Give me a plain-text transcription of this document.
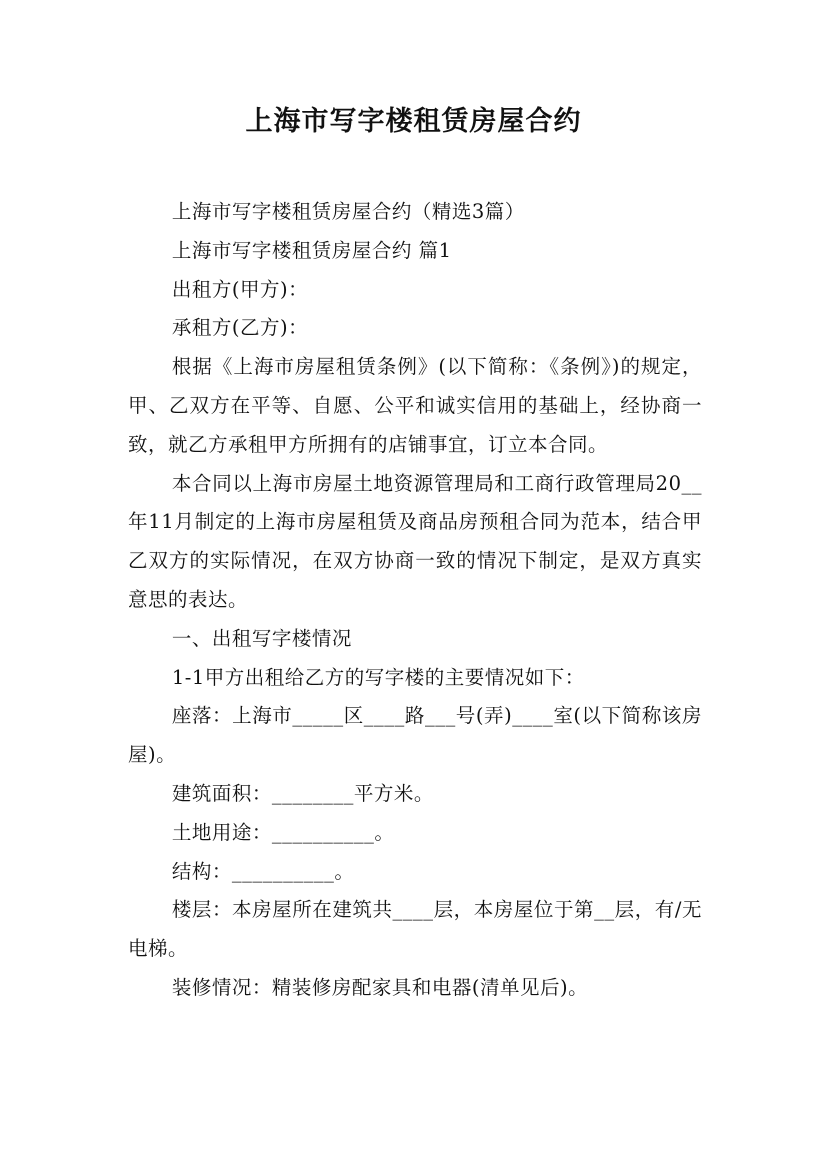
上海市写字楼租赁房屋合约

上海市写字楼租赁房屋合约（精选3篇）

上海市写字楼租赁房屋合约 篇1

出租方(甲方)：

承租方(乙方)：

根据《上海市房屋租赁条例》(以下简称：《条例》)的规定，甲、乙双方在平等、自愿、公平和诚实信用的基础上，经协商一致，就乙方承租甲方所拥有的店铺事宜，订立本合同。

本合同以上海市房屋土地资源管理局和工商行政管理局20__年11月制定的上海市房屋租赁及商品房预租合同为范本，结合甲乙双方的实际情况，在双方协商一致的情况下制定，是双方真实意思的表达。

一、出租写字楼情况

1-1甲方出租给乙方的写字楼的主要情况如下：

座落：上海市_____区____路___号(弄)____室(以下简称该房屋)。

建筑面积：________平方米。

土地用途：__________。

结构：__________。

楼层：本房屋所在建筑共____层，本房屋位于第__层，有/无电梯。

装修情况：精装修房配家具和电器(清单见后)。
